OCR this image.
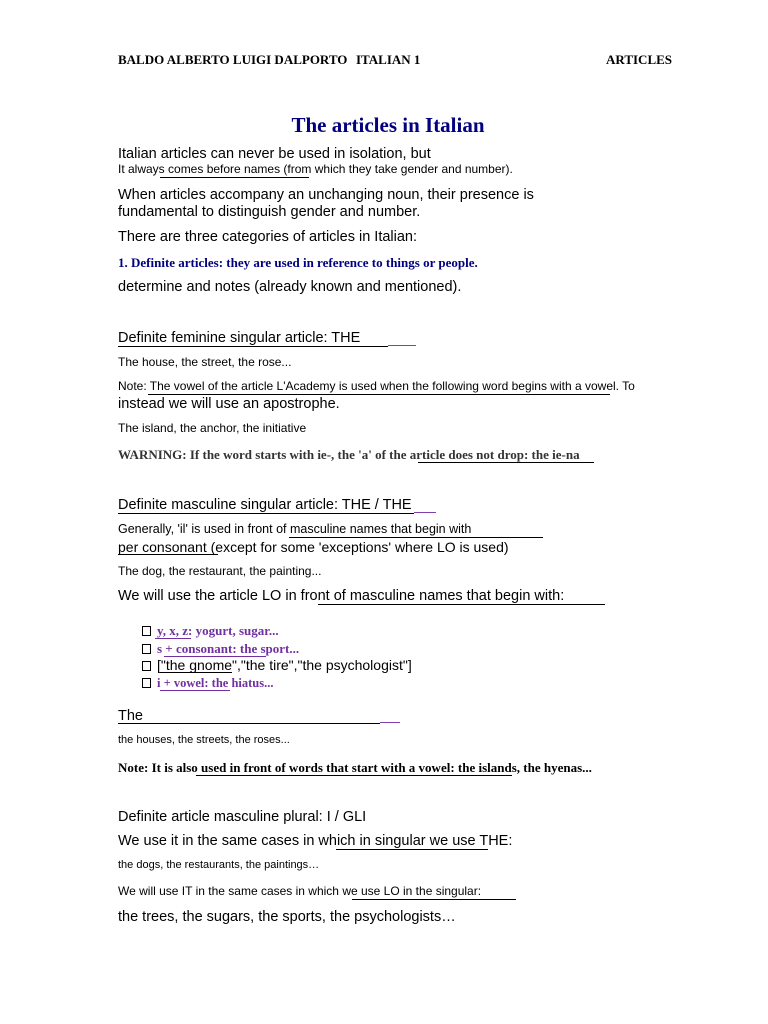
BALDO ALBERTO LUIGI DALPORTO ITALIAN 1	ARTICLES
The articles in Italian
Italian articles can never be used in isolation, but
It always comes before names (from which they take gender and number).
When articles accompany an unchanging noun, their presence is
fundamental to distinguish gender and number.
There are three categories of articles in Italian:
1. Definite articles: they are used in reference to things or people.
determine and notes (already known and mentioned).
Definite feminine singular article: THE
The house, the street, the rose...
Note: The vowel of the article L'Academy is used when the following word begins with a vowel. To
instead we will use an apostrophe.
The island, the anchor, the initiative
WARNING: If the word starts with ie-, the 'a' of the article does not drop: the ie-na
Definite masculine singular article: THE / THE
Generally, 'il' is used in front of masculine names that begin with
per consonant (except for some 'exceptions' where LO is used)
The dog, the restaurant, the painting...
We will use the article LO in front of masculine names that begin with:
y, x, z: yogurt, sugar...
s + consonant: the sport...
["the gnome","the tire","the psychologist"]
i + vowel: the hiatus...
The
the houses, the streets, the roses...
Note: It is also used in front of words that start with a vowel: the islands, the hyenas...
Definite article masculine plural: I / GLI
We use it in the same cases in which in singular we use THE:
the dogs, the restaurants, the paintings…
We will use IT in the same cases in which we use LO in the singular:
the trees, the sugars, the sports, the psychologists…
